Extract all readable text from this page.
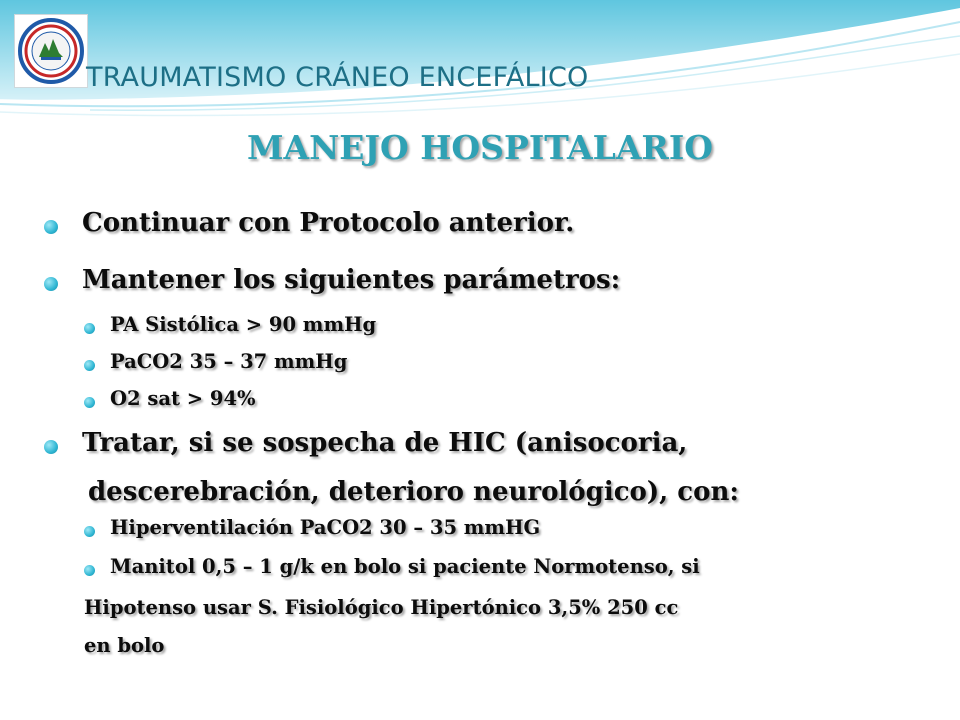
TRAUMATISMO CRÁNEO ENCEFÁLICO
MANEJO HOSPITALARIO
Continuar con Protocolo anterior.
Mantener los siguientes parámetros:
PA Sistólica > 90 mmHg
PaCO2 35 – 37 mmHg
O2 sat > 94%
Tratar, si se sospecha de HIC (anisocoria,
descerebración, deterioro neurológico), con:
Hiperventilación PaCO2 30 – 35 mmHG
Manitol 0,5 – 1 g/k en bolo si paciente Normotenso, si
Hipotenso usar S. Fisiológico Hipertónico 3,5% 250 cc
en bolo
